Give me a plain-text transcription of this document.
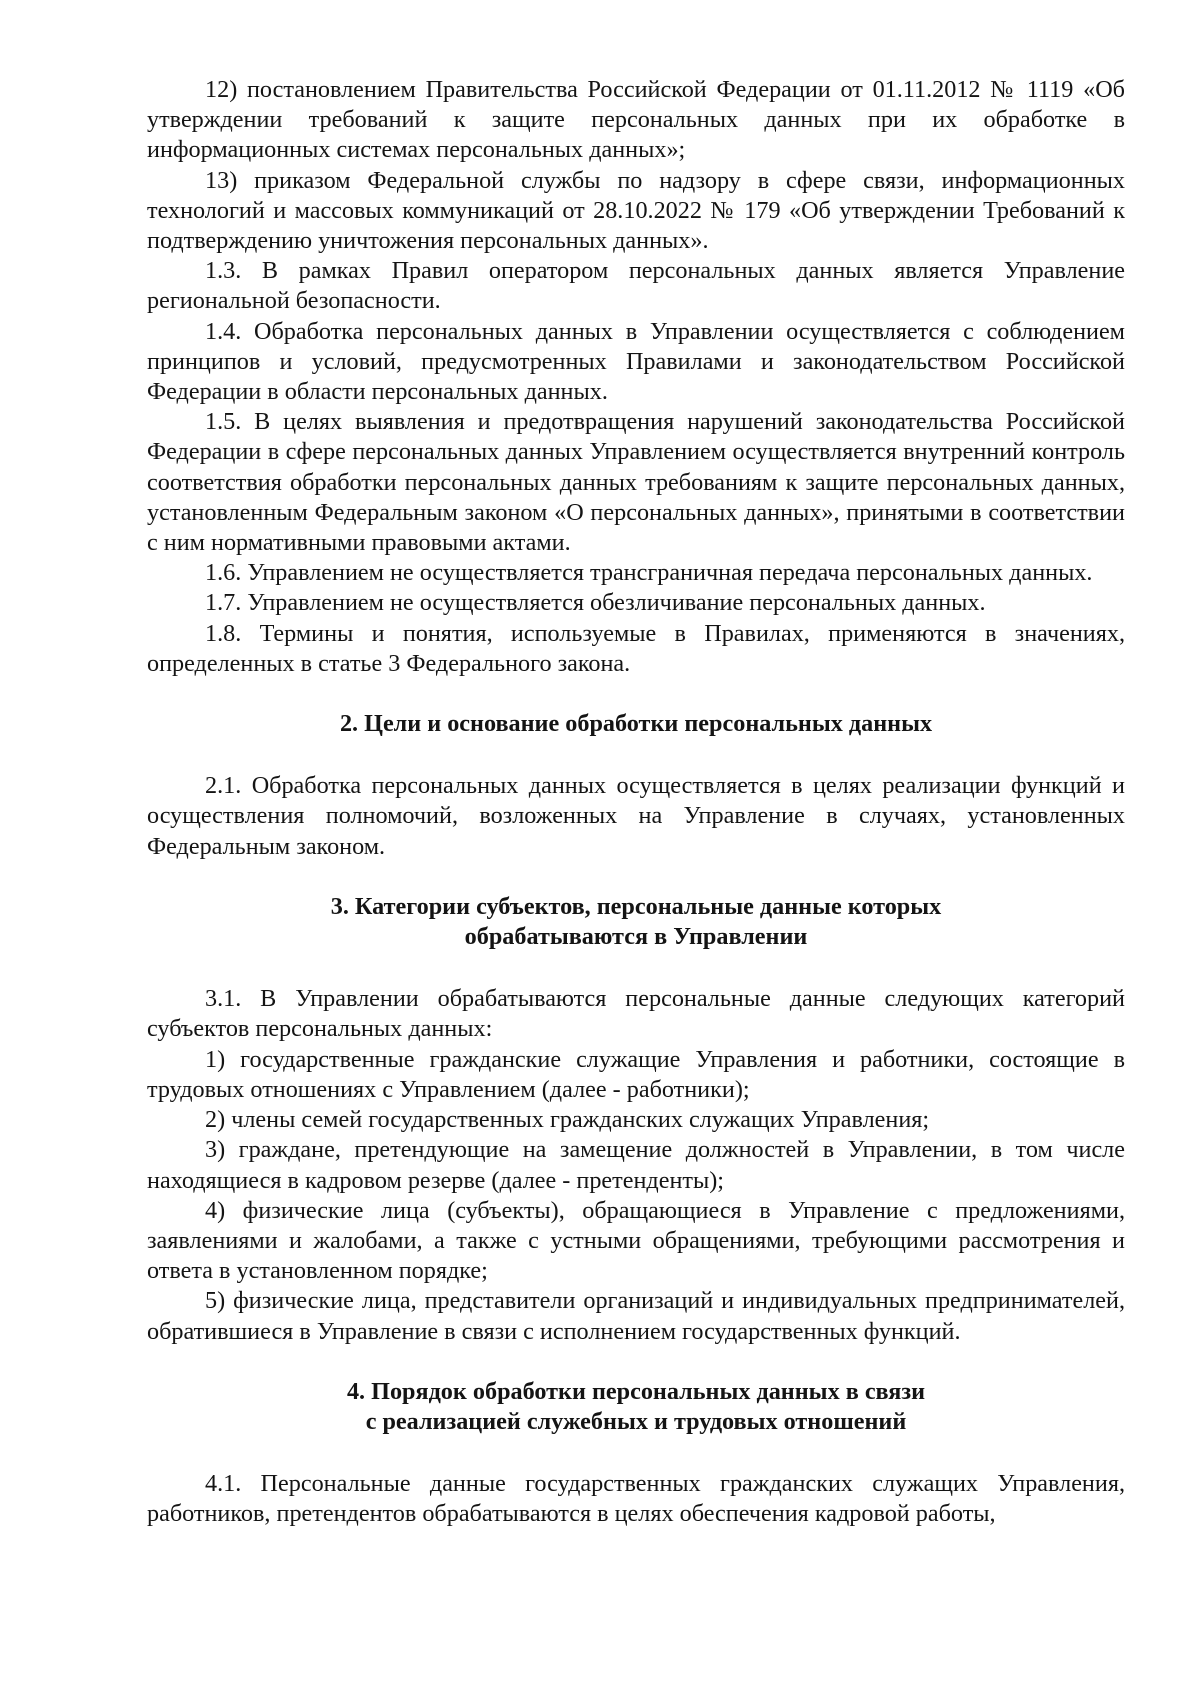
12) постановлением Правительства Российской Федерации от 01.11.2012 № 1119 «Об утверждении требований к защите персональных данных при их обработке в информационных системах персональных данных»;

13) приказом Федеральной службы по надзору в сфере связи, информационных технологий и массовых коммуникаций от 28.10.2022 № 179 «Об утверждении Требований к подтверждению уничтожения персональных данных».

1.3. В рамках Правил оператором персональных данных является Управление региональной безопасности.

1.4. Обработка персональных данных в Управлении осуществляется с соблюдением принципов и условий, предусмотренных Правилами и законодательством Российской Федерации в области персональных данных.

1.5. В целях выявления и предотвращения нарушений законодательства Российской Федерации в сфере персональных данных Управлением осуществляется внутренний контроль соответствия обработки персональных данных требованиям к защите персональных данных, установленным Федеральным законом «О персональных данных», принятыми в соответствии с ним нормативными правовыми актами.

1.6. Управлением не осуществляется трансграничная передача персональных данных.

1.7. Управлением не осуществляется обезличивание персональных данных.

1.8. Термины и понятия, используемые в Правилах, применяются в значениях, определенных в статье 3 Федерального закона.

2. Цели и основание обработки персональных данных

2.1. Обработка персональных данных осуществляется в целях реализации функций и осуществления полномочий, возложенных на Управление в случаях, установленных Федеральным законом.

3. Категории субъектов, персональные данные которых
обрабатываются в Управлении

3.1. В Управлении обрабатываются персональные данные следующих категорий субъектов персональных данных:

1) государственные гражданские служащие Управления и работники, состоящие в трудовых отношениях с Управлением (далее - работники);

2) члены семей государственных гражданских служащих Управления;

3) граждане, претендующие на замещение должностей в Управлении, в том числе находящиеся в кадровом резерве (далее - претенденты);

4) физические лица (субъекты), обращающиеся в Управление с предложениями, заявлениями и жалобами, а также с устными обращениями, требующими рассмотрения и ответа в установленном порядке;

5) физические лица, представители организаций и индивидуальных предпринимателей, обратившиеся в Управление в связи с исполнением государственных функций.

4. Порядок обработки персональных данных в связи
с реализацией служебных и трудовых отношений

4.1. Персональные данные государственных гражданских служащих Управления, работников, претендентов обрабатываются в целях обеспечения кадровой работы,
